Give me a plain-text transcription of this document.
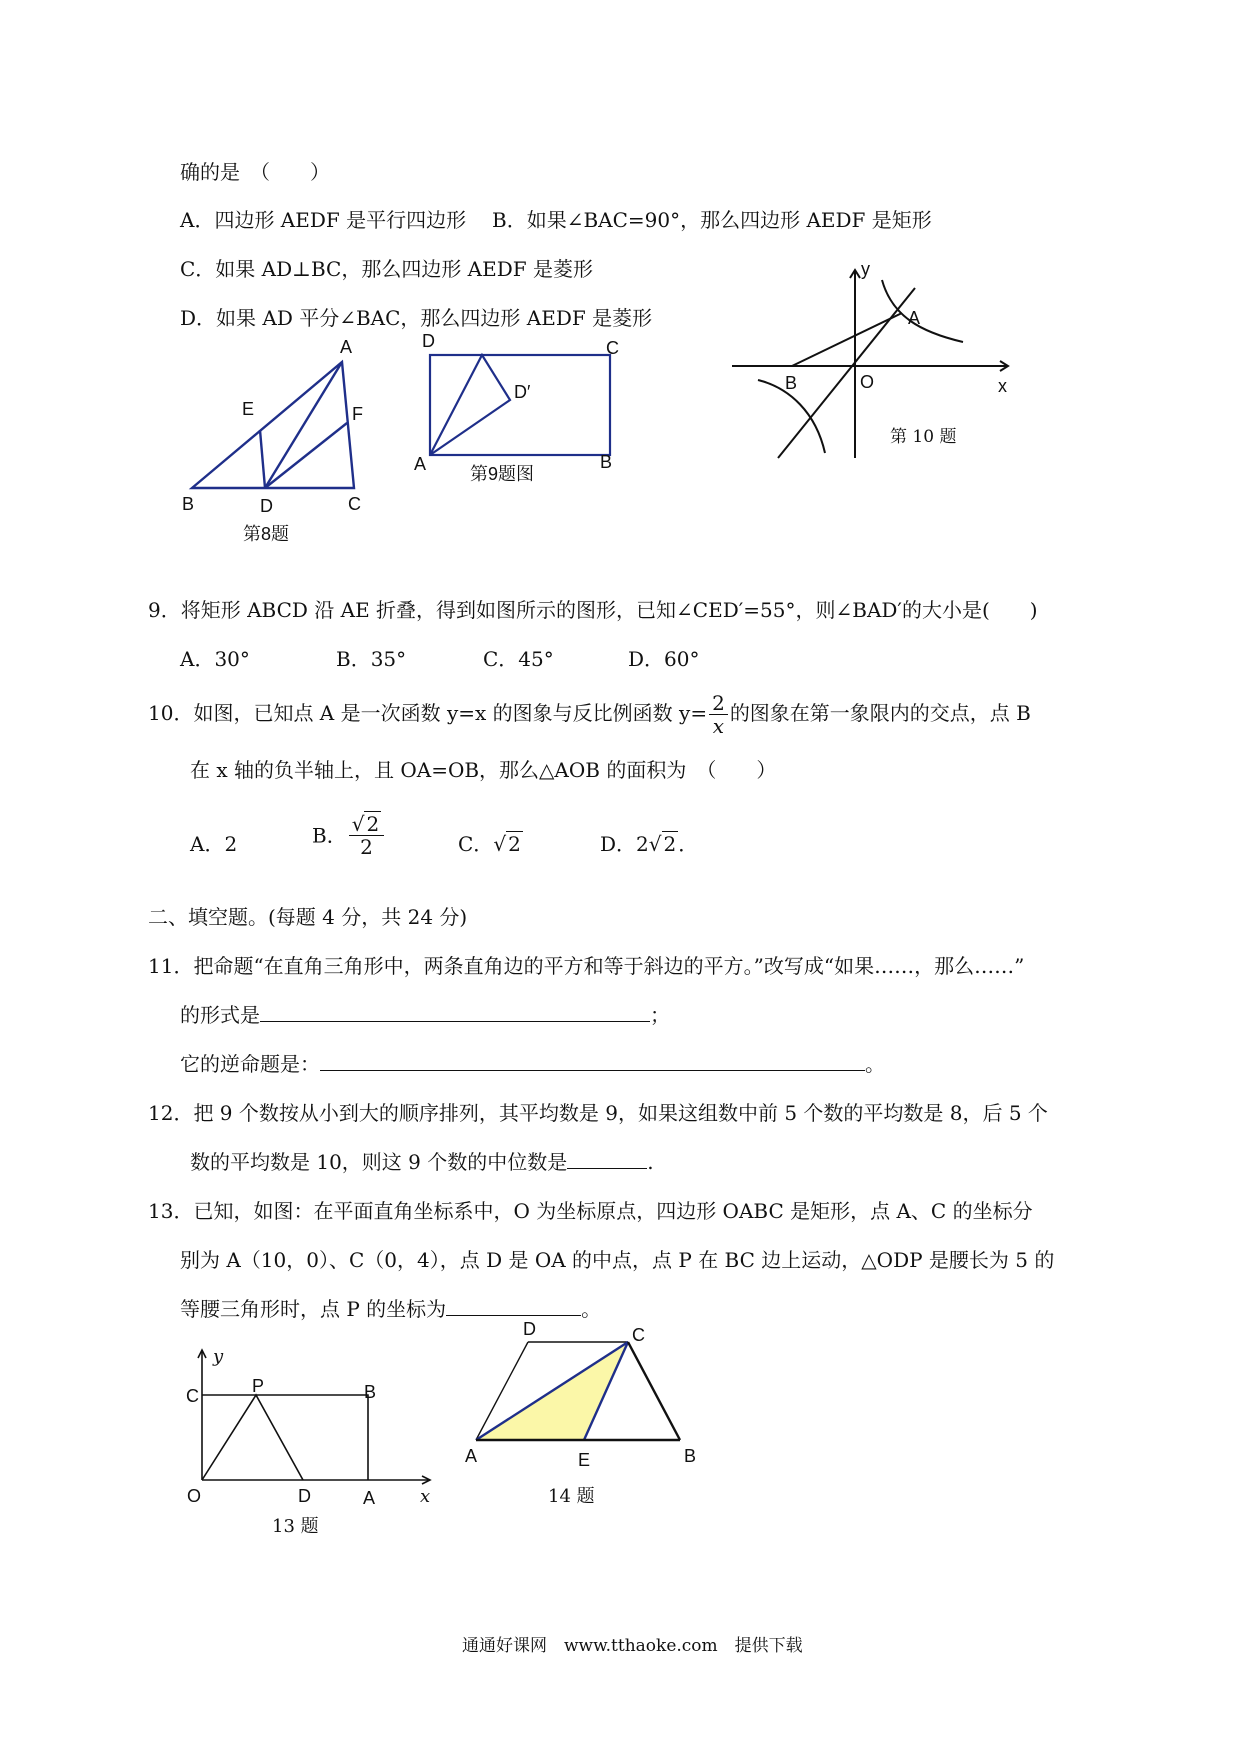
确的是　（　　）
A．四边形 AEDF 是平行四边形 B．如果∠BAC=90°，那么四边形 AEDF 是矩形
C．如果 AD⊥BC，那么四边形 AEDF 是菱形
D．如果 AD 平分∠BAC，那么四边形 AEDF 是菱形
A
E	F
B	D	C
第8题
D	C
D′
A	B
第9题图
y
A
B	O	x
第 10 题
9．将矩形 ABCD 沿 AE 折叠，得到如图所示的图形，已知∠CED′=55°，则∠BAD′的大小是(　　)
A．30°	B．35°	C．45°	D．60°
10．如图，已知点 A 是一次函数 y=x 的图象与反比例函数 $y= \frac{2}{x}$ 的图象在第一象限内的交点，点 B
在 x 轴的负半轴上，且 OA=OB，那么△AOB 的面积为　（　　）
A．2	B． $\frac{√ 2}{2}$	C．√ 2	D．2√ 2 ．
二、填空题。(每题 4 分，共 24 分)
11．把命题“在直角三角形中，两条直角边的平方和等于斜边的平方。”改写成“如果……，那么……”
的形式是	；
它的逆命题是：	。
12．把 9 个数按从小到大的顺序排列，其平均数是 9，如果这组数中前 5 个数的平均数是 8，后 5 个
数的平均数是 10，则这 9 个数的中位数是	.
13．已知，如图：在平面直角坐标系中，O 为坐标原点，四边形 OABC 是矩形，点 A、C 的坐标分
别为 A（10，0）、C（0，4），点 D 是 OA 的中点，点 P 在 BC 边上运动，△ODP 是腰长为 5 的
等腰三角形时，点 P 的坐标为	。
y
C	P	B
O	D	A x
13 题
D	C
A	E	B
14 题
通通好课网　www.tthaoke.com　提供下载
